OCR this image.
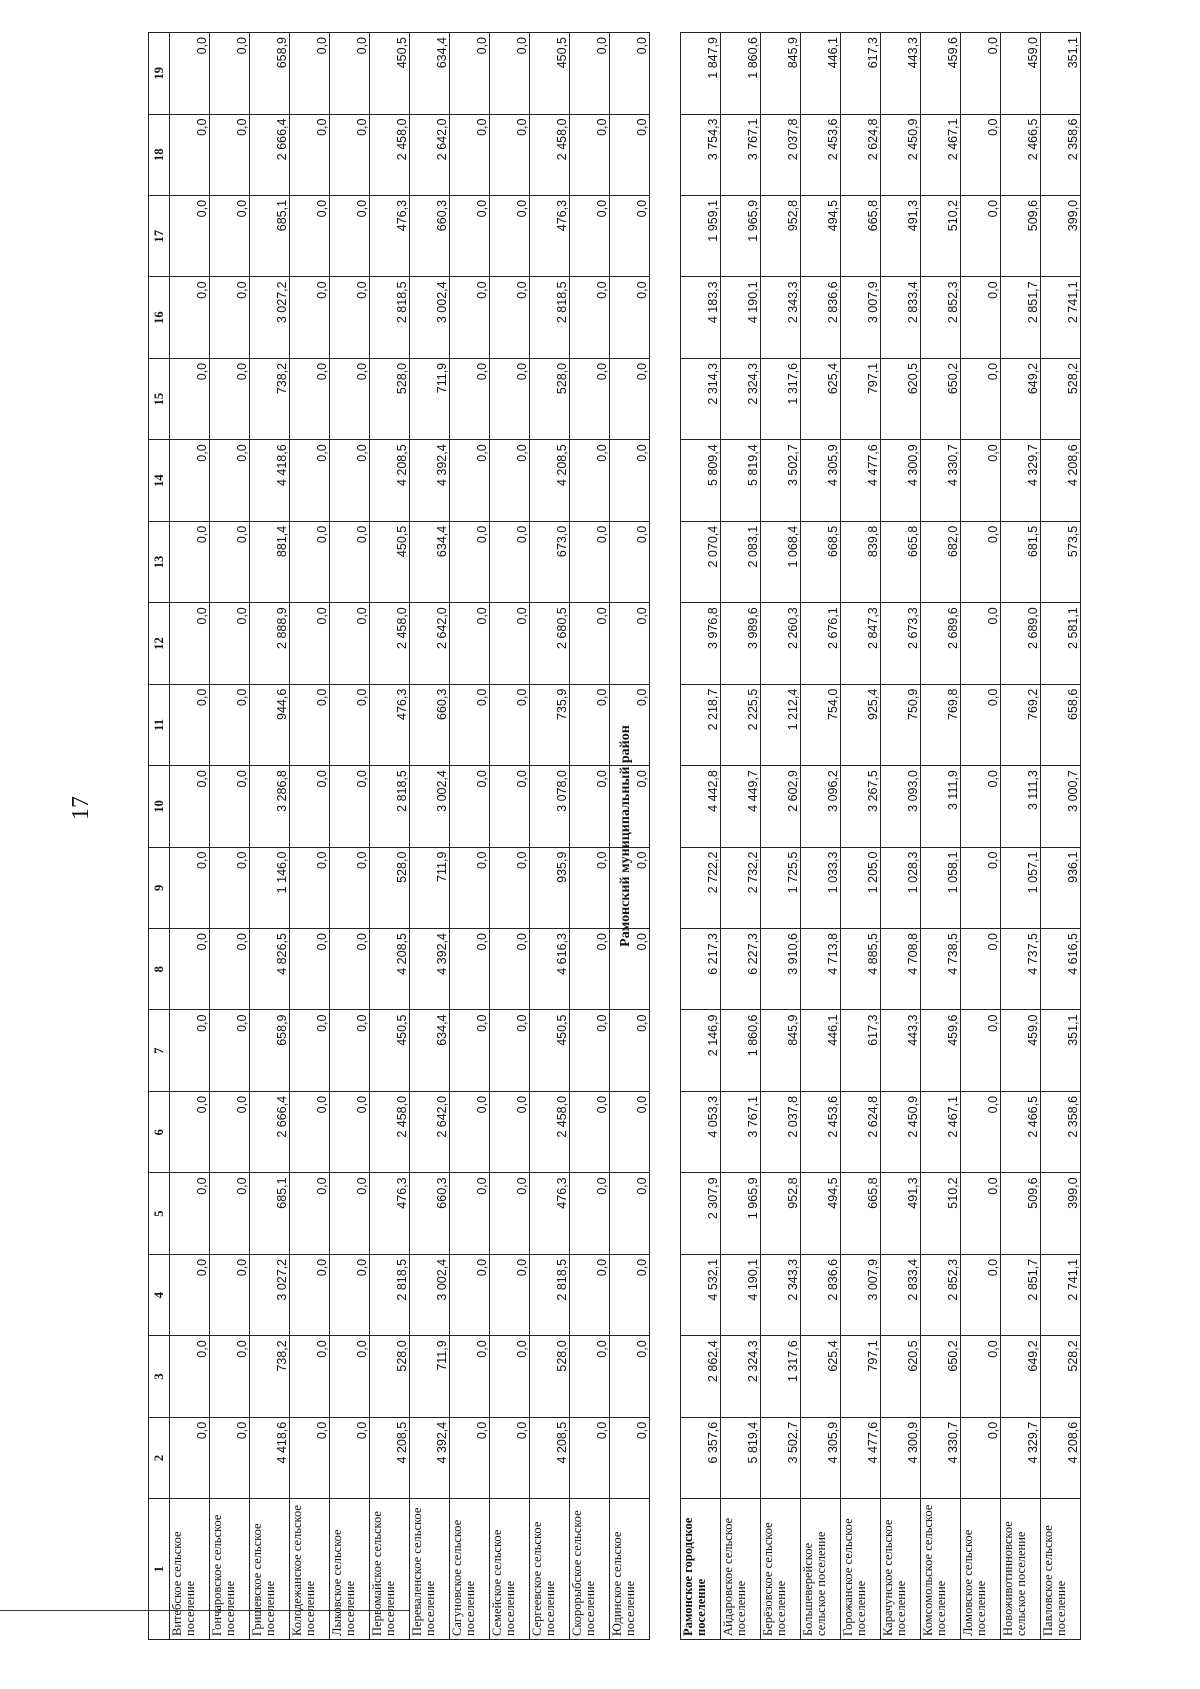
17
1	2	3	4	5	6	7	8	9	10	11	12	13	14	15	16	17	18	19
Витебское сельское поселение	0,0	0,0	0,0	0,0	0,0	0,0	0,0	0,0	0,0	0,0	0,0	0,0	0,0	0,0	0,0	0,0	0,0	0,0
Гончаровское сельское поселение	0,0	0,0	0,0	0,0	0,0	0,0	0,0	0,0	0,0	0,0	0,0	0,0	0,0	0,0	0,0	0,0	0,0	0,0
Гришевское сельское поселение	4 418,6	738,2	3 027,2	685,1	2 666,4	658,9	4 826,5	1 146,0	3 286,8	944,6	2 888,9	881,4	4 418,6	738,2	3 027,2	685,1	2 666,4	658,9
Колодежанское сельское поселение	0,0	0,0	0,0	0,0	0,0	0,0	0,0	0,0	0,0	0,0	0,0	0,0	0,0	0,0	0,0	0,0	0,0	0,0
Лыковское сельское поселение	0,0	0,0	0,0	0,0	0,0	0,0	0,0	0,0	0,0	0,0	0,0	0,0	0,0	0,0	0,0	0,0	0,0	0,0
Первомайское сельское поселение	4 208,5	528,0	2 818,5	476,3	2 458,0	450,5	4 208,5	528,0	2 818,5	476,3	2 458,0	450,5	4 208,5	528,0	2 818,5	476,3	2 458,0	450,5
Переваленское сельское поселение	4 392,4	711,9	3 002,4	660,3	2 642,0	634,4	4 392,4	711,9	3 002,4	660,3	2 642,0	634,4	4 392,4	711,9	3 002,4	660,3	2 642,0	634,4
Сагуновское сельское поселение	0,0	0,0	0,0	0,0	0,0	0,0	0,0	0,0	0,0	0,0	0,0	0,0	0,0	0,0	0,0	0,0	0,0	0,0
Семейское сельское поселение	0,0	0,0	0,0	0,0	0,0	0,0	0,0	0,0	0,0	0,0	0,0	0,0	0,0	0,0	0,0	0,0	0,0	0,0
Сергеевское сельское поселение	4 208,5	528,0	2 818,5	476,3	2 458,0	450,5	4 616,3	935,9	3 078,0	735,9	2 680,5	673,0	4 208,5	528,0	2 818,5	476,3	2 458,0	450,5
Скорорыбское сельское поселение	0,0	0,0	0,0	0,0	0,0	0,0	0,0	0,0	0,0	0,0	0,0	0,0	0,0	0,0	0,0	0,0	0,0	0,0
Юдинское сельское поселение	0,0	0,0	0,0	0,0	0,0	0,0	0,0	0,0	0,0	0,0	0,0	0,0	0,0	0,0	0,0	0,0	0,0	0,0
Рамонский муниципальный район
Рамонское городское поселение	6 357,6	2 862,4	4 532,1	2 307,9	4 053,3	2 146,9	6 217,3	2 722,2	4 442,8	2 218,7	3 976,8	2 070,4	5 809,4	2 314,3	4 183,3	1 959,1	3 754,3	1 847,9
Айдаровское сельское поселение	5 819,4	2 324,3	4 190,1	1 965,9	3 767,1	1 860,6	6 227,3	2 732,2	4 449,7	2 225,5	3 989,6	2 083,1	5 819,4	2 324,3	4 190,1	1 965,9	3 767,1	1 860,6
Берёзовское сельское поселение	3 502,7	1 317,6	2 343,3	952,8	2 037,8	845,9	3 910,6	1 725,5	2 602,9	1 212,4	2 260,3	1 068,4	3 502,7	1 317,6	2 343,3	952,8	2 037,8	845,9
Большеверейское сельское поселение	4 305,9	625,4	2 836,6	494,5	2 453,6	446,1	4 713,8	1 033,3	3 096,2	754,0	2 676,1	668,5	4 305,9	625,4	2 836,6	494,5	2 453,6	446,1
Горожанское сельское поселение	4 477,6	797,1	3 007,9	665,8	2 624,8	617,3	4 885,5	1 205,0	3 267,5	925,4	2 847,3	839,8	4 477,6	797,1	3 007,9	665,8	2 624,8	617,3
Карачунское сельское поселение	4 300,9	620,5	2 833,4	491,3	2 450,9	443,3	4 708,8	1 028,3	3 093,0	750,9	2 673,3	665,8	4 300,9	620,5	2 833,4	491,3	2 450,9	443,3
Комсомольское сельское поселение	4 330,7	650,2	2 852,3	510,2	2 467,1	459,6	4 738,5	1 058,1	3 111,9	769,8	2 689,6	682,0	4 330,7	650,2	2 852,3	510,2	2 467,1	459,6
Ломовское сельское поселение	0,0	0,0	0,0	0,0	0,0	0,0	0,0	0,0	0,0	0,0	0,0	0,0	0,0	0,0	0,0	0,0	0,0	0,0
Новоживотинновское сельское поселение	4 329,7	649,2	2 851,7	509,6	2 466,5	459,0	4 737,5	1 057,1	3 111,3	769,2	2 689,0	681,5	4 329,7	649,2	2 851,7	509,6	2 466,5	459,0
Павловское сельское поселение	4 208,6	528,2	2 741,1	399,0	2 358,6	351,1	4 616,5	936,1	3 000,7	658,6	2 581,1	573,5	4 208,6	528,2	2 741,1	399,0	2 358,6	351,1
